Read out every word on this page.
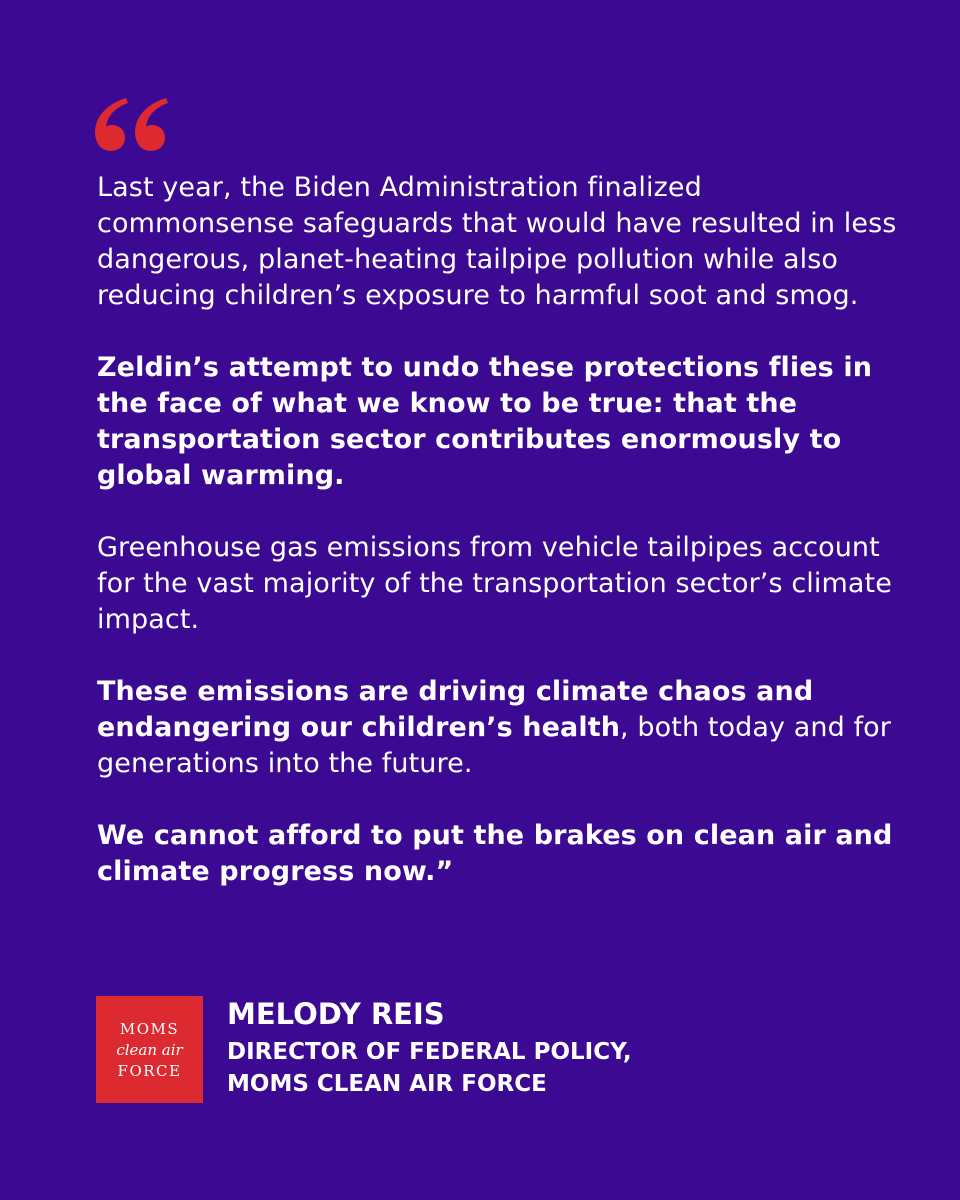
Last year, the Biden Administration finalized commonsense safeguards that would have resulted in less dangerous, planet-heating tailpipe pollution while also reducing children’s exposure to harmful soot and smog.

Zeldin’s attempt to undo these protections flies in the face of what we know to be true: that the transportation sector contributes enormously to global warming.

Greenhouse gas emissions from vehicle tailpipes account for the vast majority of the transportation sector’s climate impact.

These emissions are driving climate chaos and endangering our children’s health, both today and for generations into the future.

We cannot afford to put the brakes on clean air and climate progress now.”

MOMS
clean air
FORCE
MELODY REIS
DIRECTOR OF FEDERAL POLICY,
MOMS CLEAN AIR FORCE
